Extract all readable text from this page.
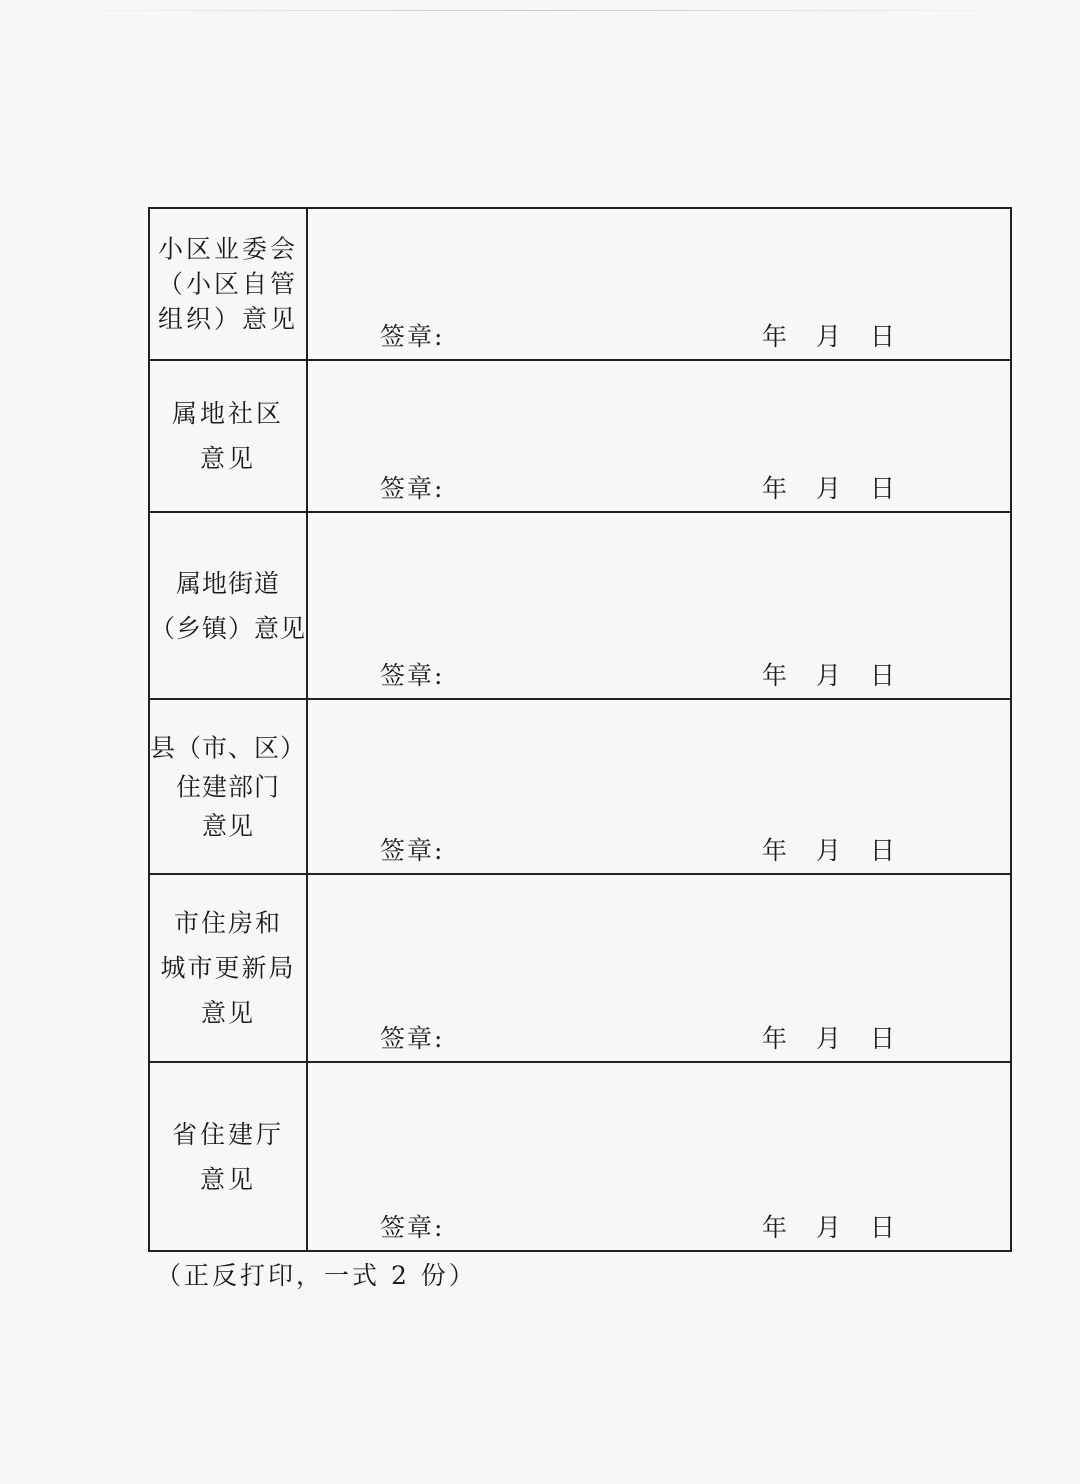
小区业委会
（小区自管
组织）意见	签章: 年 月 日

属地社区
意见	签章: 年 月 日

属地街道
（乡镇）意见	签章: 年 月 日

县（市、区）
住建部门
意见	签章: 年 月 日

市住房和
城市更新局
意见	签章: 年 月 日

省住建厅
意见	签章: 年 月 日
（正反打印，一式 2 份）
